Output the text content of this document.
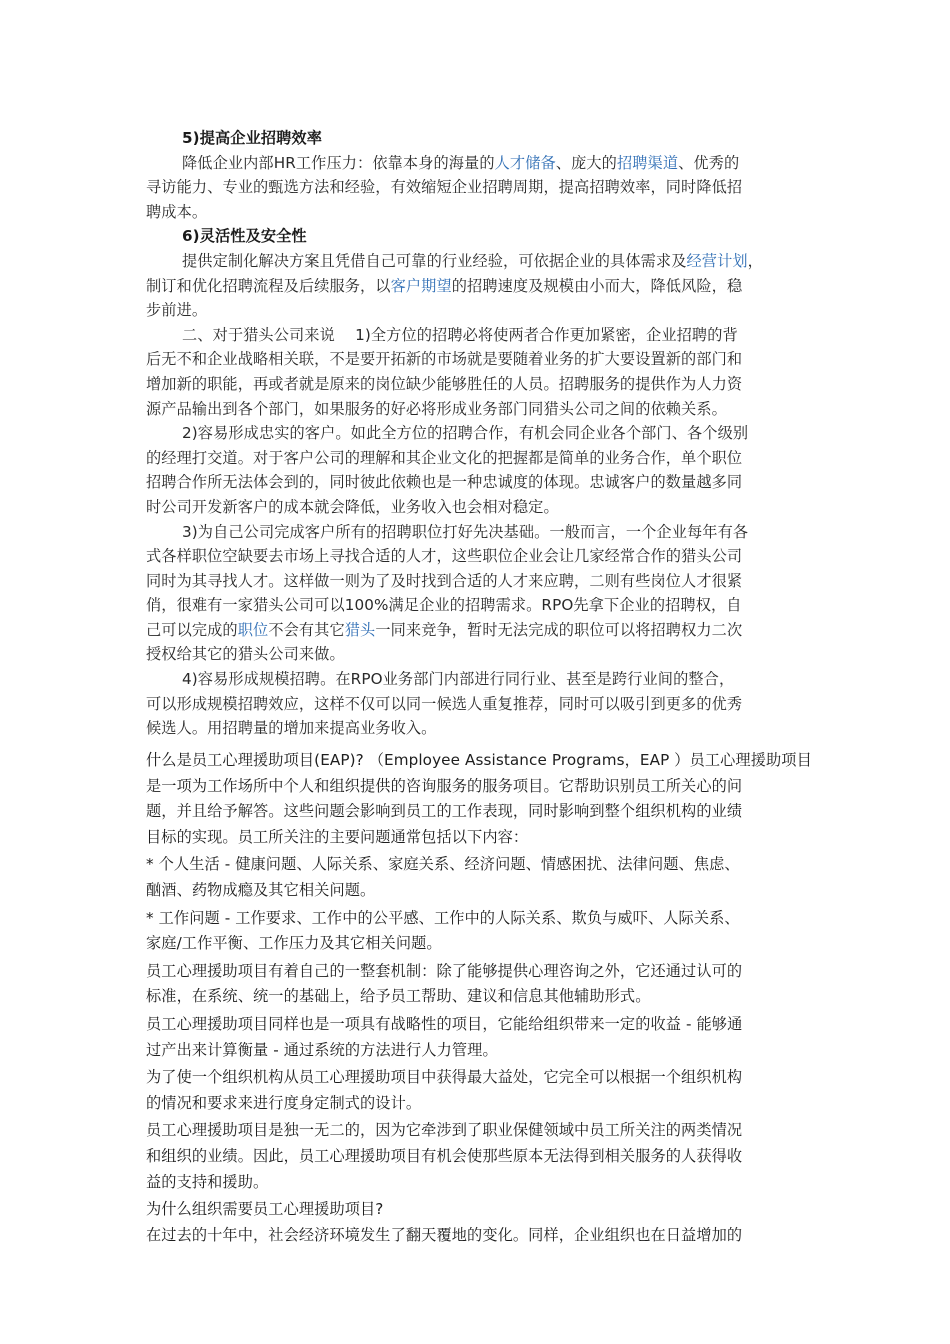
5)提高企业招聘效率
降低企业内部HR工作压力：依靠本身的海量的人才储备、庞大的招聘渠道、优秀的
寻访能力、专业的甄选方法和经验，有效缩短企业招聘周期，提高招聘效率，同时降低招
聘成本。
6)灵活性及安全性
提供定制化解决方案且凭借自己可靠的行业经验，可依据企业的具体需求及经营计划，
制订和优化招聘流程及后续服务，以客户期望的招聘速度及规模由小而大，降低风险，稳
步前进。
二、对于猎头公司来说　 1)全方位的招聘必将使两者合作更加紧密，企业招聘的背
后无不和企业战略相关联，不是要开拓新的市场就是要随着业务的扩大要设置新的部门和
增加新的职能，再或者就是原来的岗位缺少能够胜任的人员。招聘服务的提供作为人力资
源产品输出到各个部门，如果服务的好必将形成业务部门同猎头公司之间的依赖关系。
2)容易形成忠实的客户。如此全方位的招聘合作，有机会同企业各个部门、各个级别
的经理打交道。对于客户公司的理解和其企业文化的把握都是简单的业务合作，单个职位
招聘合作所无法体会到的，同时彼此依赖也是一种忠诚度的体现。忠诚客户的数量越多同
时公司开发新客户的成本就会降低，业务收入也会相对稳定。
3)为自己公司完成客户所有的招聘职位打好先决基础。一般而言，一个企业每年有各
式各样职位空缺要去市场上寻找合适的人才，这些职位企业会让几家经常合作的猎头公司
同时为其寻找人才。这样做一则为了及时找到合适的人才来应聘，二则有些岗位人才很紧
俏，很难有一家猎头公司可以100%满足企业的招聘需求。RPO先拿下企业的招聘权，自
己可以完成的职位不会有其它猎头一同来竞争，暂时无法完成的职位可以将招聘权力二次
授权给其它的猎头公司来做。
4)容易形成规模招聘。在RPO业务部门内部进行同行业、甚至是跨行业间的整合，
可以形成规模招聘效应，这样不仅可以同一候选人重复推荐，同时可以吸引到更多的优秀
候选人。用招聘量的增加来提高业务收入。
什么是员工心理援助项目(EAP)? （Employee Assistance Programs，EAP ）员工心理援助项目
是一项为工作场所中个人和组织提供的咨询服务的服务项目。它帮助识别员工所关心的问
题，并且给予解答。这些问题会影响到员工的工作表现，同时影响到整个组织机构的业绩
目标的实现。员工所关注的主要问题通常包括以下内容：
* 个人生活 - 健康问题、人际关系、家庭关系、经济问题、情感困扰、法律问题、焦虑、
酗酒、药物成瘾及其它相关问题。
* 工作问题 - 工作要求、工作中的公平感、工作中的人际关系、欺负与威吓、人际关系、
家庭/工作平衡、工作压力及其它相关问题。
员工心理援助项目有着自己的一整套机制：除了能够提供心理咨询之外，它还通过认可的
标准，在系统、统一的基础上，给予员工帮助、建议和信息其他辅助形式。
员工心理援助项目同样也是一项具有战略性的项目，它能给组织带来一定的收益 - 能够通
过产出来计算衡量 - 通过系统的方法进行人力管理。
为了使一个组织机构从员工心理援助项目中获得最大益处，它完全可以根据一个组织机构
的情况和要求来进行度身定制式的设计。
员工心理援助项目是独一无二的，因为它牵涉到了职业保健领域中员工所关注的两类情况
和组织的业绩。因此，员工心理援助项目有机会使那些原本无法得到相关服务的人获得收
益的支持和援助。
为什么组织需要员工心理援助项目?
在过去的十年中，社会经济环境发生了翻天覆地的变化。同样，企业组织也在日益增加的
